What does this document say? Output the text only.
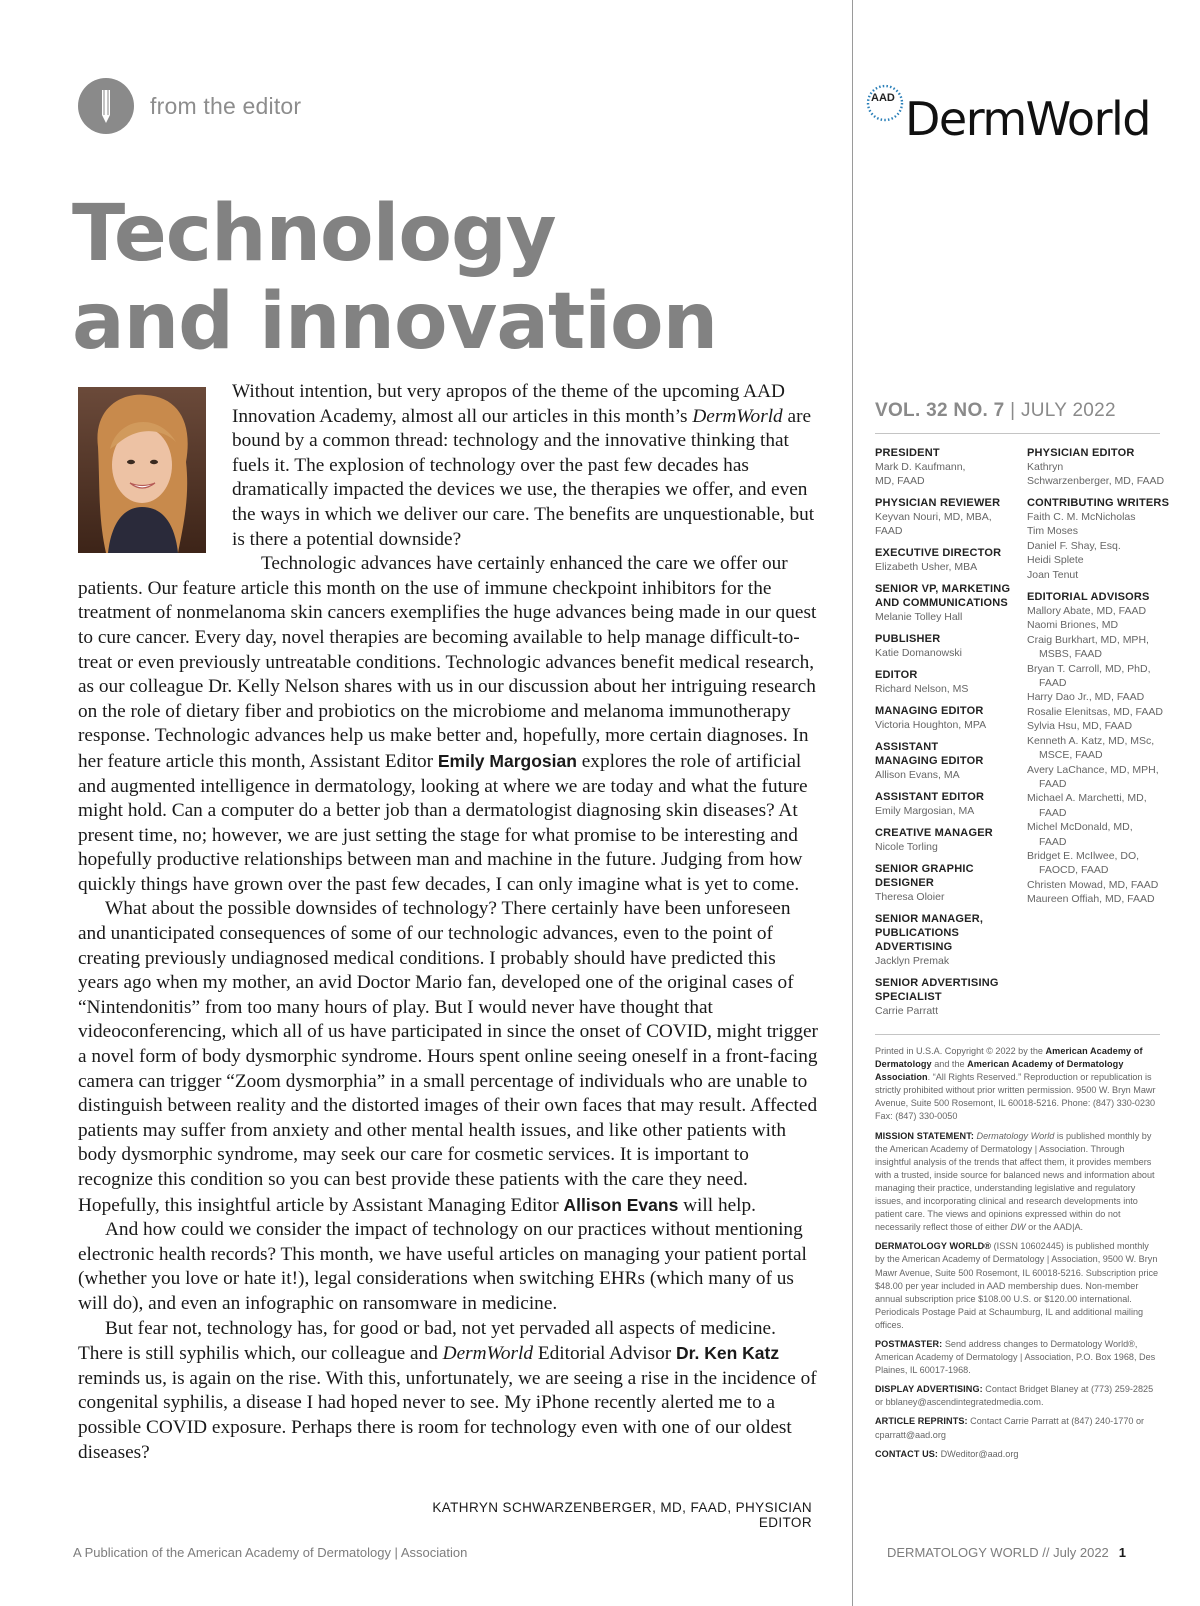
from the editor	AAD DermWorld
Technology
and innovation

Without intention, but very apropos of the theme of the upcoming AAD Innovation Academy, almost all our articles in this month’s DermWorld are bound by a common thread: technology and the innovative thinking that fuels it. The explosion of technology over the past few decades has dramatically impacted the devices we use, the therapies we offer, and even the ways in which we deliver our care. The benefits are unquestionable, but is there a potential downside?

Technologic advances have certainly enhanced the care we offer our patients. Our feature article this month on the use of immune checkpoint inhibitors for the treatment of nonmelanoma skin cancers exemplifies the huge advances being made in our quest to cure cancer. Every day, novel therapies are becoming available to help manage difficult-to-treat or even previously untreatable conditions. Technologic advances benefit medical research, as our colleague Dr. Kelly Nelson shares with us in our discussion about her intriguing research on the role of dietary fiber and probiotics on the microbiome and melanoma immunotherapy response. Technologic advances help us make better and, hopefully, more certain diagnoses. In her feature article this month, Assistant Editor Emily Margosian explores the role of artificial and augmented intelligence in dermatology, looking at where we are today and what the future might hold. Can a computer do a better job than a dermatologist diagnosing skin diseases? At present time, no; however, we are just setting the stage for what promise to be interesting and hopefully productive relationships between man and machine in the future. Judging from how quickly things have grown over the past few decades, I can only imagine what is yet to come.

What about the possible downsides of technology? There certainly have been unforeseen and unanticipated consequences of some of our technologic advances, even to the point of creating previously undiagnosed medical conditions. I probably should have predicted this years ago when my mother, an avid Doctor Mario fan, developed one of the original cases of “Nintendonitis” from too many hours of play. But I would never have thought that videoconferencing, which all of us have participated in since the onset of COVID, might trigger a novel form of body dysmorphic syndrome. Hours spent online seeing oneself in a front-facing camera can trigger “Zoom dysmorphia” in a small percentage of individuals who are unable to distinguish between reality and the distorted images of their own faces that may result. Affected patients may suffer from anxiety and other mental health issues, and like other patients with body dysmorphic syndrome, may seek our care for cosmetic services. It is important to recognize this condition so you can best provide these patients with the care they need. Hopefully, this insightful article by Assistant Managing Editor Allison Evans will help.

And how could we consider the impact of technology on our practices without mentioning electronic health records? This month, we have useful articles on managing your patient portal (whether you love or hate it!), legal considerations when switching EHRs (which many of us will do), and even an infographic on ransomware in medicine.

But fear not, technology has, for good or bad, not yet pervaded all aspects of medicine. There is still syphilis which, our colleague and DermWorld Editorial Advisor Dr. Ken Katz reminds us, is again on the rise. With this, unfortunately, we are seeing a rise in the incidence of congenital syphilis, a disease I had hoped never to see. My iPhone recently alerted me to a possible COVID exposure. Perhaps there is room for technology even with one of our oldest diseases?

KATHRYN SCHWARZENBERGER, MD, FAAD, PHYSICIAN EDITOR
VOL. 32 NO. 7 | JULY 2022
PRESIDENT
Mark D. Kaufmann,
MD, FAAD
PHYSICIAN REVIEWER
Keyvan Nouri, MD, MBA,
FAAD
EXECUTIVE DIRECTOR
Elizabeth Usher, MBA
SENIOR VP, MARKETING
AND COMMUNICATIONS
Melanie Tolley Hall
PUBLISHER
Katie Domanowski
EDITOR
Richard Nelson, MS
MANAGING EDITOR
Victoria Houghton, MPA
ASSISTANT
MANAGING EDITOR
Allison Evans, MA
ASSISTANT EDITOR
Emily Margosian, MA
CREATIVE MANAGER
Nicole Torling
SENIOR GRAPHIC
DESIGNER
Theresa Oloier
SENIOR MANAGER,
PUBLICATIONS
ADVERTISING
Jacklyn Premak
SENIOR ADVERTISING
SPECIALIST
Carrie Parratt
PHYSICIAN EDITOR
Kathryn
Schwarzenberger, MD, FAAD
CONTRIBUTING WRITERS
Faith C. M. McNicholas
Tim Moses
Daniel F. Shay, Esq.
Heidi Splete
Joan Tenut
EDITORIAL ADVISORS
Mallory Abate, MD, FAAD
Naomi Briones, MD
Craig Burkhart, MD, MPH,
MSBS, FAAD
Bryan T. Carroll, MD, PhD,
FAAD
Harry Dao Jr., MD, FAAD
Rosalie Elenitsas, MD, FAAD
Sylvia Hsu, MD, FAAD
Kenneth A. Katz, MD, MSc,
MSCE, FAAD
Avery LaChance, MD, MPH,
FAAD
Michael A. Marchetti, MD,
FAAD
Michel McDonald, MD,
FAAD
Bridget E. McIlwee, DO,
FAOCD, FAAD
Christen Mowad, MD, FAAD
Maureen Offiah, MD, FAAD

Printed in U.S.A. Copyright © 2022 by the American Academy of Dermatology and the American Academy of Dermatology Association. “All Rights Reserved.” Reproduction or republication is strictly prohibited without prior written permission. 9500 W. Bryn Mawr Avenue, Suite 500 Rosemont, IL 60018-5216. Phone: (847) 330-0230 Fax: (847) 330-0050

MISSION STATEMENT: Dermatology World is published monthly by the American Academy of Dermatology | Association. Through insightful analysis of the trends that affect them, it provides members with a trusted, inside source for balanced news and information about managing their practice, understanding legislative and regulatory issues, and incorporating clinical and research developments into patient care. The views and opinions expressed within do not necessarily reflect those of either DW or the AAD|A.

DERMATOLOGY WORLD® (ISSN 10602445) is published monthly by the American Academy of Dermatology | Association, 9500 W. Bryn Mawr Avenue, Suite 500 Rosemont, IL 60018-5216. Subscription price $48.00 per year included in AAD membership dues. Non-member annual subscription price $108.00 U.S. or $120.00 international. Periodicals Postage Paid at Schaumburg, IL and additional mailing offices.

POSTMASTER: Send address changes to Dermatology World®, American Academy of Dermatology | Association, P.O. Box 1968, Des Plaines, IL 60017-1968.

DISPLAY ADVERTISING: Contact Bridget Blaney at (773) 259-2825 or bblaney@ascendintegratedmedia.com.

ARTICLE REPRINTS: Contact Carrie Parratt at (847) 240-1770 or cparratt@aad.org

CONTACT US: DWeditor@aad.org

A Publication of the American Academy of Dermatology | Association	DERMATOLOGY WORLD // July 2022 1
